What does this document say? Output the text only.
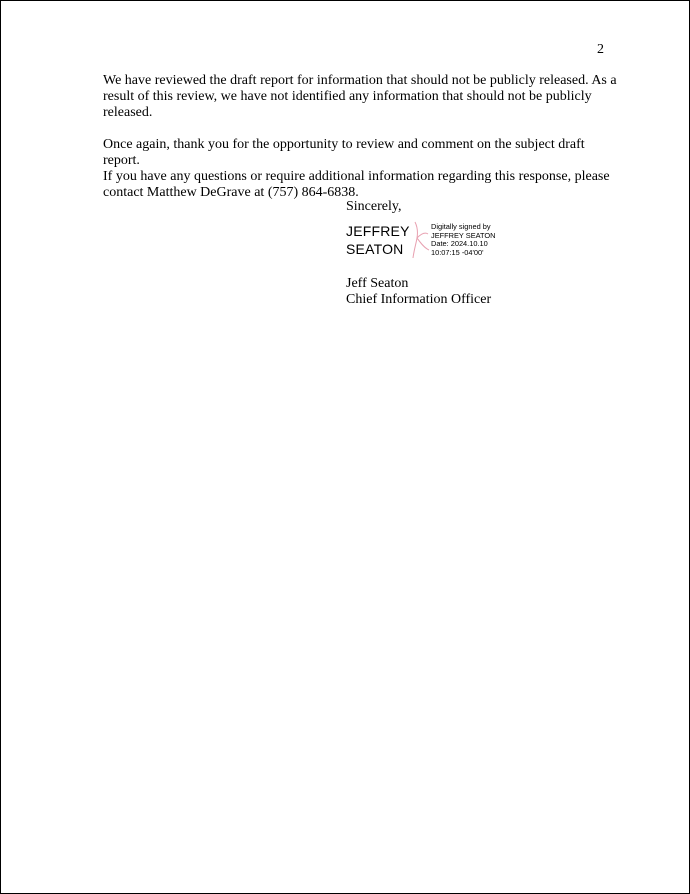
2

We have reviewed the draft report for information that should not be publicly released. As a
result of this review, we have not identified any information that should not be publicly
released.

Once again, thank you for the opportunity to review and comment on the subject draft report.
If you have any questions or require additional information regarding this response, please
contact Matthew DeGrave at (757) 864-6838.

Sincerely,
JEFFREY
SEATON
Digitally signed by
JEFFREY SEATON
Date: 2024.10.10
10:07:15 -04'00'
Jeff Seaton
Chief Information Officer
